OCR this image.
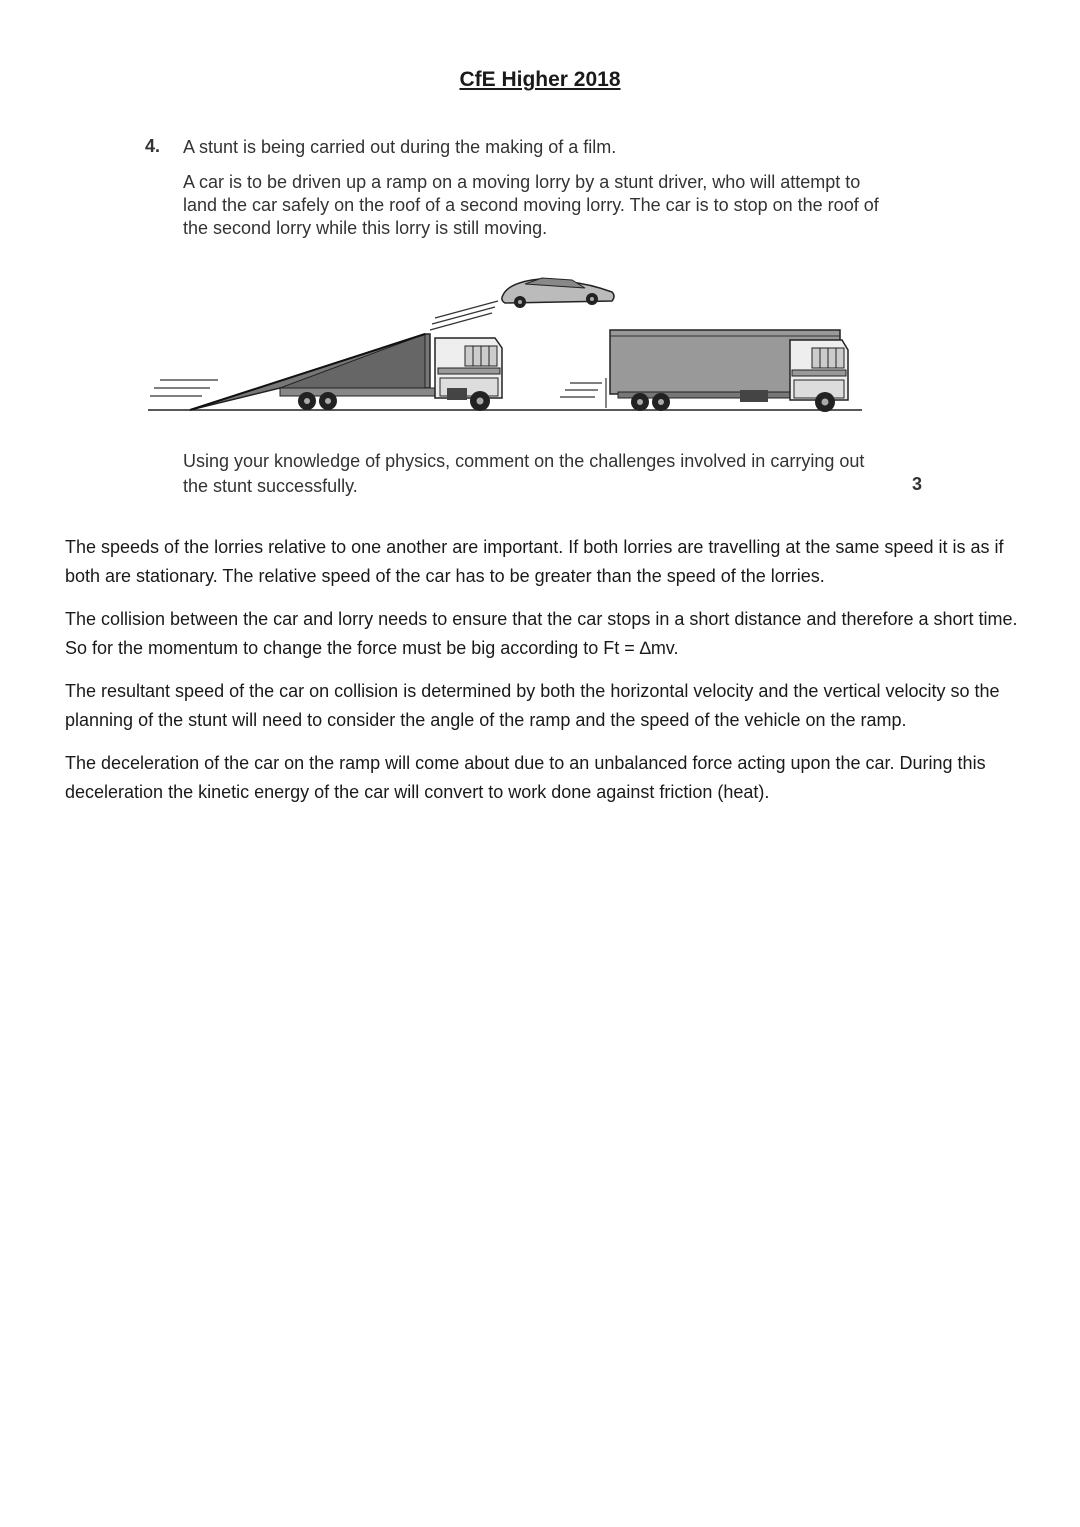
CfE Higher 2018
4. A stunt is being carried out during the making of a film.

A car is to be driven up a ramp on a moving lorry by a stunt driver, who will attempt to land the car safely on the roof of a second moving lorry. The car is to stop on the roof of the second lorry while this lorry is still moving.

Using your knowledge of physics, comment on the challenges involved in carrying out the stunt successfully.	3

The speeds of the lorries relative to one another are important. If both lorries are travelling at the same speed it is as if both are stationary. The relative speed of the car has to be greater than the speed of the lorries.

The collision between the car and lorry needs to ensure that the car stops in a short distance and therefore a short time. So for the momentum to change the force must be big according to Ft = ∆mv.

The resultant speed of the car on collision is determined by both the horizontal velocity and the vertical velocity so the planning of the stunt will need to consider the angle of the ramp and the speed of the vehicle on the ramp.

The deceleration of the car on the ramp will come about due to an unbalanced force acting upon the car. During this deceleration the kinetic energy of the car will convert to work done against friction (heat).
